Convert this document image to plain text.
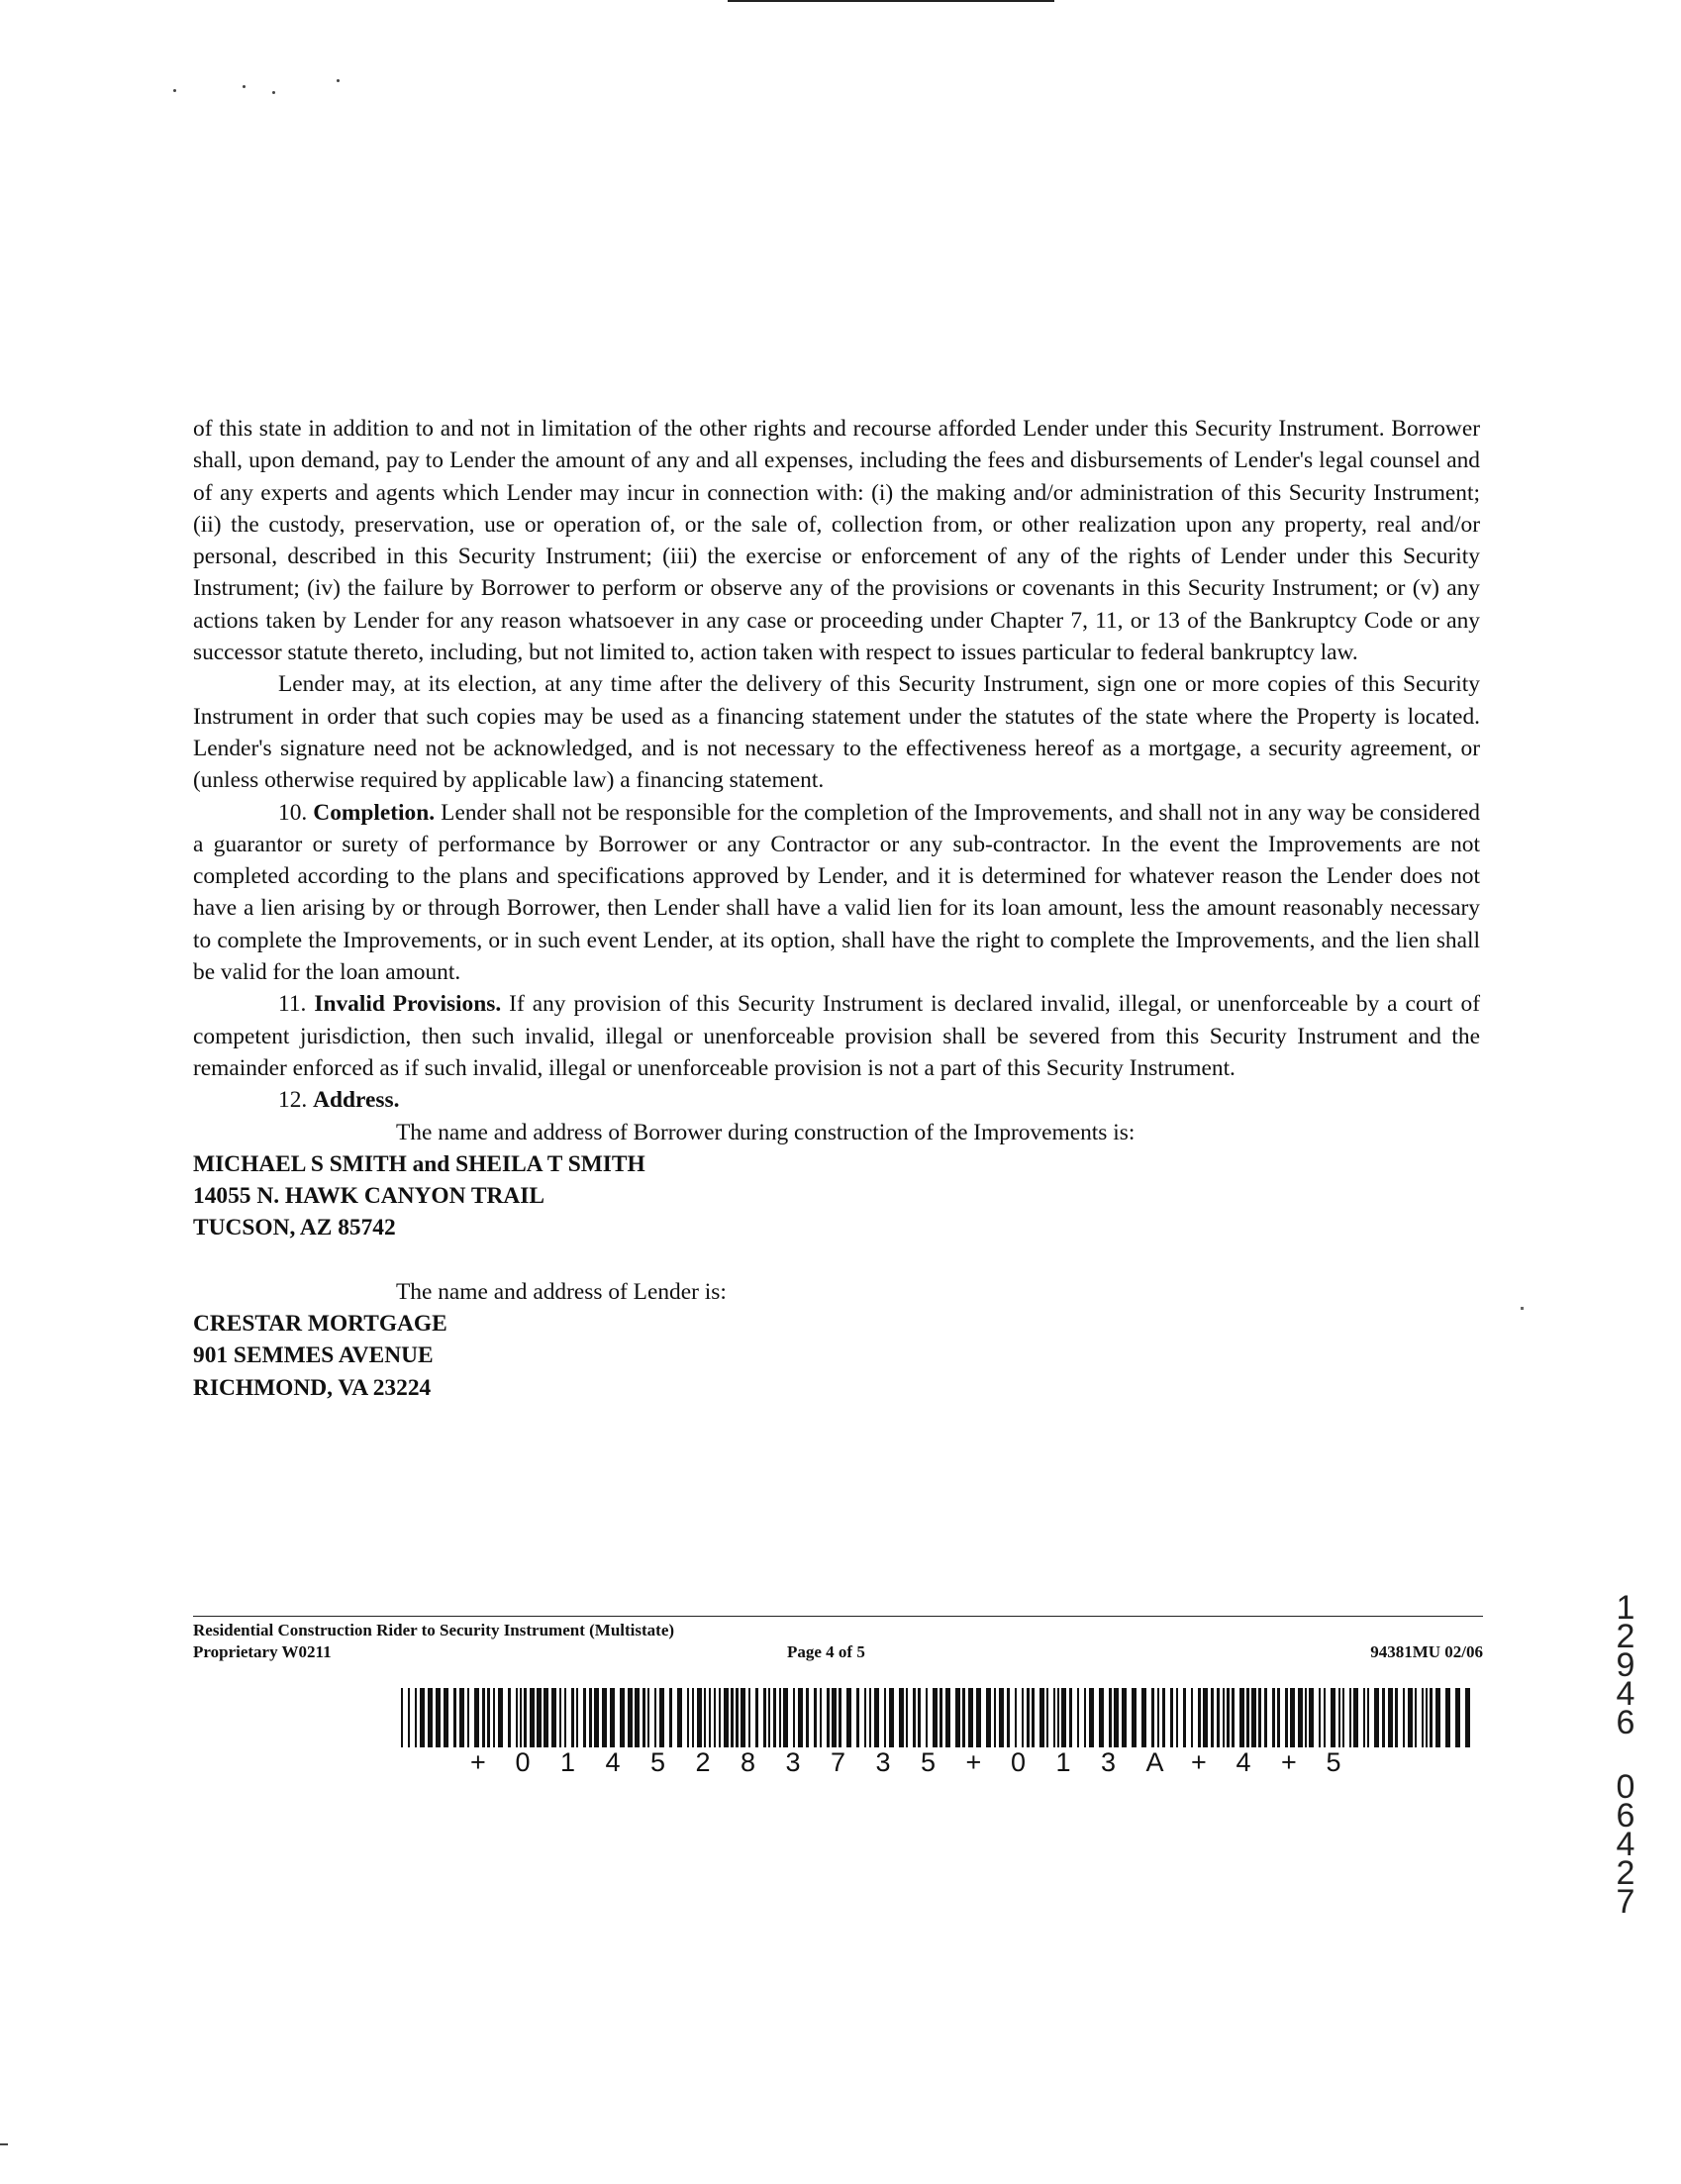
of this state in addition to and not in limitation of the other rights and recourse afforded Lender under this Security Instrument. Borrower shall, upon demand, pay to Lender the amount of any and all expenses, including the fees and disbursements of Lender's legal counsel and of any experts and agents which Lender may incur in connection with: (i) the making and/or administration of this Security Instrument; (ii) the custody, preservation, use or operation of, or the sale of, collection from, or other realization upon any property, real and/or personal, described in this Security Instrument; (iii) the exercise or enforcement of any of the rights of Lender under this Security Instrument; (iv) the failure by Borrower to perform or observe any of the provisions or covenants in this Security Instrument; or (v) any actions taken by Lender for any reason whatsoever in any case or proceeding under Chapter 7, 11, or 13 of the Bankruptcy Code or any successor statute thereto, including, but not limited to, action taken with respect to issues particular to federal bankruptcy law.

Lender may, at its election, at any time after the delivery of this Security Instrument, sign one or more copies of this Security Instrument in order that such copies may be used as a financing statement under the statutes of the state where the Property is located. Lender's signature need not be acknowledged, and is not necessary to the effectiveness hereof as a mortgage, a security agreement, or (unless otherwise required by applicable law) a financing statement.

10. Completion. Lender shall not be responsible for the completion of the Improvements, and shall not in any way be considered a guarantor or surety of performance by Borrower or any Contractor or any sub-contractor. In the event the Improvements are not completed according to the plans and specifications approved by Lender, and it is determined for whatever reason the Lender does not have a lien arising by or through Borrower, then Lender shall have a valid lien for its loan amount, less the amount reasonably necessary to complete the Improvements, or in such event Lender, at its option, shall have the right to complete the Improvements, and the lien shall be valid for the loan amount.

11. Invalid Provisions. If any provision of this Security Instrument is declared invalid, illegal, or unenforceable by a court of competent jurisdiction, then such invalid, illegal or unenforceable provision shall be severed from this Security Instrument and the remainder enforced as if such invalid, illegal or unenforceable provision is not a part of this Security Instrument.

12. Address.

The name and address of Borrower during construction of the Improvements is:

MICHAEL S SMITH and SHEILA T SMITH
14055 N. HAWK CANYON TRAIL
TUCSON, AZ 85742

The name and address of Lender is:

CRESTAR MORTGAGE
901 SEMMES AVENUE
RICHMOND, VA 23224
Residential Construction Rider to Security Instrument (Multistate)
Proprietary W0211	Page 4 of 5	94381MU 02/06
+ 0 1 4 5 2 8 3 7 3 5 + 0 1 3 A + 4 + 5
1
2
9
4
6
0
6
4
2
7
